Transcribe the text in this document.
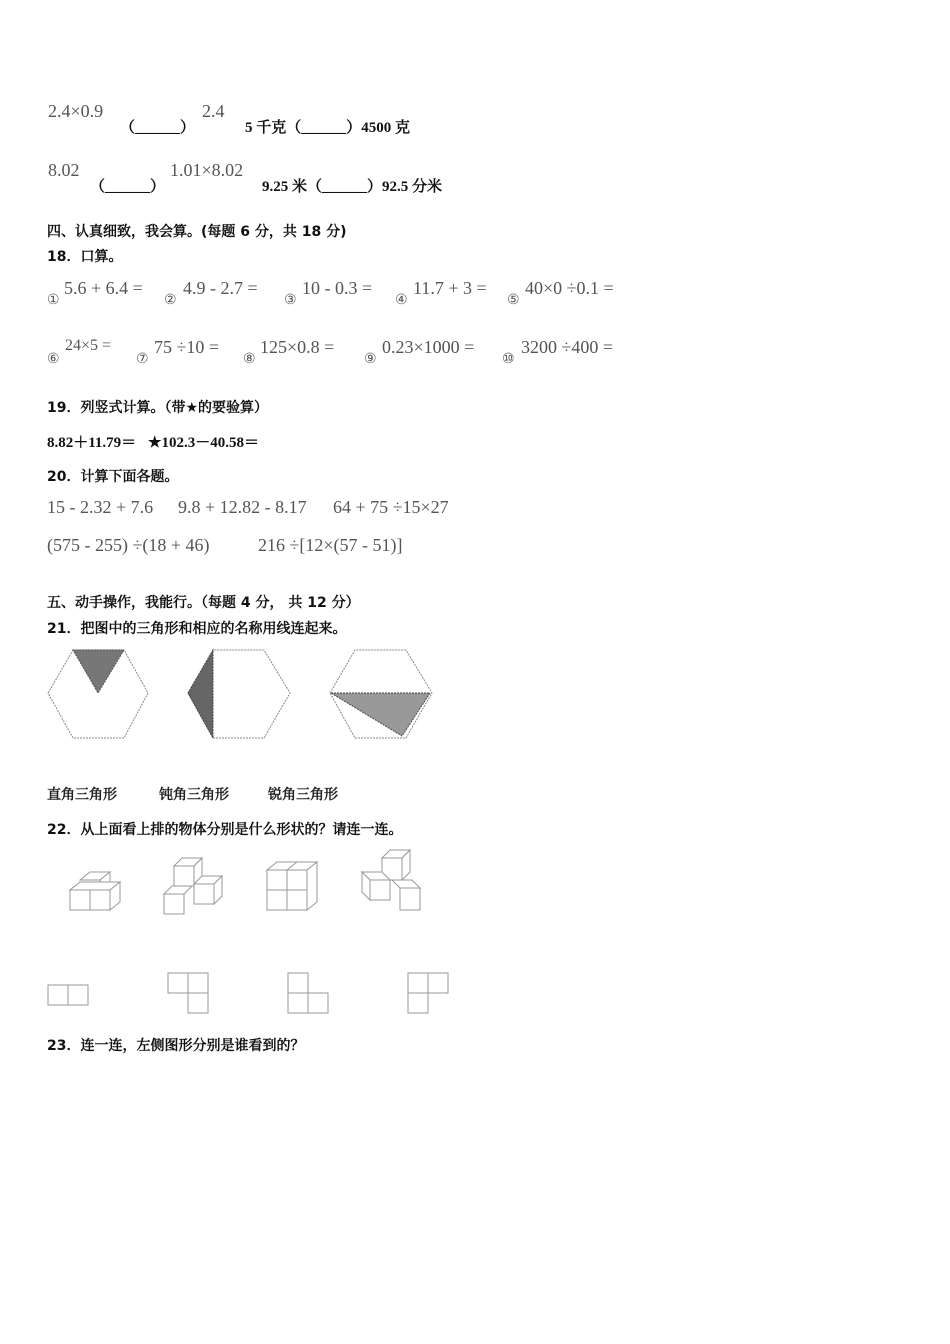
2.4×0.9
（______）
2.4
5 千克（______）4500 克
8.02
（______）
1.01×8.02
9.25 米（______）92.5 分米
四、认真细致，我会算。(每题 6 分，共 18 分)
18．口算。
①
5.6 + 6.4 =
②
4.9 - 2.7 =
③
10 - 0.3 =
④
11.7 + 3 =
⑤
40×0 ÷0.1 =
⑥
24×5 =
⑦
75 ÷10 =
⑧
125×0.8 =
⑨
0.23×1000 =
⑩
3200 ÷400 =
19．列竖式计算。（带★的要验算）
8.82＋11.79＝ ★102.3－40.58＝
20．计算下面各题。
15 - 2.32 + 7.6 9.8 + 12.82 - 8.17 64 + 75 ÷15×27
(575 - 255) ÷(18 + 46)	216 ÷[12×(57 - 51)]
五、动手操作，我能行。（每题 4 分， 共 12 分）
21．把图中的三角形和相应的名称用线连起来。
直角三角形	钝角三角形	锐角三角形
22．从上面看上排的物体分别是什么形状的？请连一连。
23．连一连，左侧图形分别是谁看到的？
